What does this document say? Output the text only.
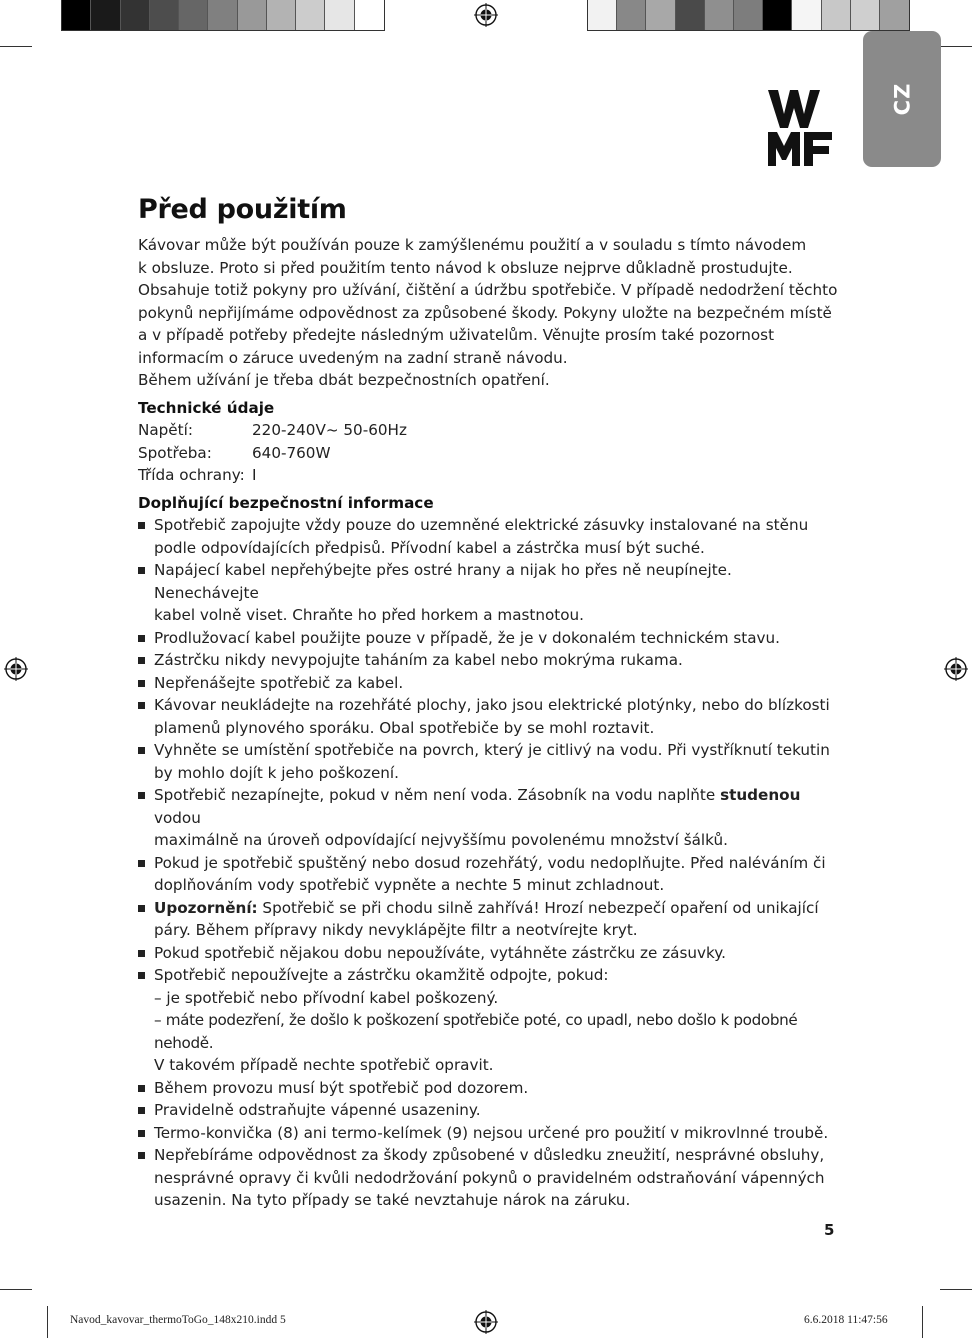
CZ
Před použitím

Kávovar může být používán pouze k zamýšlenému použití a v souladu s tímto návodem

k obsluze. Proto si před použitím tento návod k obsluze nejprve důkladně prostudujte.

Obsahuje totiž pokyny pro užívání, čištění a údržbu spotřebiče. V případě nedodržení těchto

pokynů nepřijímáme odpovědnost za způsobené škody. Pokyny uložte na bezpečném místě

a v případě potřeby předejte následným uživatelům. Věnujte prosím také pozornost

informacím o záruce uvedeným na zadní straně návodu.

Během užívání je třeba dbát bezpečnostních opatření.

Technické údaje

Napětí:	220-240V~ 50-60Hz
Spotřeba:	640-760W
Třída ochrany: I

Doplňující bezpečnostní informace

Spotřebič zapojujte vždy pouze do uzemněné elektrické zásuvky instalované na stěnu
podle odpovídajících předpisů. Přívodní kabel a zástrčka musí být suché.
Napájecí kabel nepřehýbejte přes ostré hrany a nijak ho přes ně neupínejte. Nenechávejte
kabel volně viset. Chraňte ho před horkem a mastnotou.
Prodlužovací kabel použijte pouze v případě, že je v dokonalém technickém stavu.
Zástrčku nikdy nevypojujte taháním za kabel nebo mokrýma rukama.
Nepřenášejte spotřebič za kabel.
Kávovar neukládejte na rozehřáté plochy, jako jsou elektrické plotýnky, nebo do blízkosti
plamenů plynového sporáku. Obal spotřebiče by se mohl roztavit.
Vyhněte se umístění spotřebiče na povrch, který je citlivý na vodu. Při vystříknutí tekutin
by mohlo dojít k jeho poškození.
Spotřebič nezapínejte, pokud v něm není voda. Zásobník na vodu naplňte studenou vodou
maximálně na úroveň odpovídající nejvyššímu povolenému množství šálků.
Pokud je spotřebič spuštěný nebo dosud rozehřátý, vodu nedoplňujte. Před naléváním či
doplňováním vody spotřebič vypněte a nechte 5 minut zchladnout.
Upozornění: Spotřebič se při chodu silně zahřívá! Hrozí nebezpečí opaření od unikající
páry. Během přípravy nikdy nevyklápějte filtr a neotvírejte kryt.
Pokud spotřebič nějakou dobu nepoužíváte, vytáhněte zástrčku ze zásuvky.
Spotřebič nepoužívejte a zástrčku okamžitě odpojte, pokud:
– je spotřebič nebo přívodní kabel poškozený.
– máte podezření, že došlo k poškození spotřebiče poté, co upadl, nebo došlo k podobné nehodě.
V takovém případě nechte spotřebič opravit.
Během provozu musí být spotřebič pod dozorem.
Pravidelně odstraňujte vápenné usazeniny.
Termo-konvička (8) ani termo-kelímek (9) nejsou určené pro použití v mikrovlnné troubě.
Nepřebíráme odpovědnost za škody způsobené v důsledku zneužití, nesprávné obsluhy,
nesprávné opravy či kvůli nedodržování pokynů o pravidelném odstraňování vápenných
usazenin. Na tyto případy se také nevztahuje nárok na záruku.
5
Navod_kavovar_thermoToGo_148x210.indd 5	6.6.2018 11:47:56
